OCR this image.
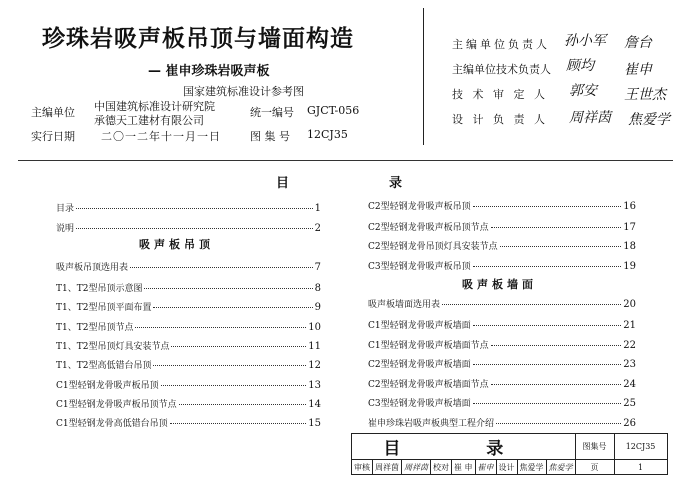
珍珠岩吸声板吊顶与墙面构造
— 崔申珍珠岩吸声板
国家建筑标准设计参考图
主编单位 中国建筑标准设计研究院
承德天工建材有限公司
统一编号 GJCT-056
实行日期 二〇一二年十一月一日	图 集 号 12CJ35
主编单位负责人 孙小军 詹台
主编单位技术负责人 顾均 崔申
技 术 审 定 人 郭安 王世杰
设 计 负 责 人 周祥茵 焦爱学
目	录
目录	1
说明	2
吸声板吊顶选用表	7
T1、T2型吊顶示意图	8
T1、T2型吊顶平面布置	9
T1、T2型吊顶节点	10
T1、T2型吊顶灯具安装节点	11
T1、T2型高低错台吊顶	12
C1型轻钢龙骨吸声板吊顶	13
C1型轻钢龙骨吸声板吊顶节点	14
C1型轻钢龙骨高低错台吊顶	15
吸声板吊顶
C2型轻钢龙骨吸声板吊顶	16
C2型轻钢龙骨吸声板吊顶节点	17
C2型轻钢龙骨吊顶灯具安装节点	18
C3型轻钢龙骨吸声板吊顶	19
吸声板墙面选用表	20
C1型轻钢龙骨吸声板墙面	21
C1型轻钢龙骨吸声板墙面节点	22
C2型轻钢龙骨吸声板墙面	23
C2型轻钢龙骨吸声板墙面节点	24
C3型轻钢龙骨吸声板墙面	25
崔申珍珠岩吸声板典型工程介绍	26
吸声板墙面
目 录									图集号	12CJ35
审核	周祥茵	周祥茵	校对	崔 申	崔申	设计	焦爱学	焦爱学	页	1
